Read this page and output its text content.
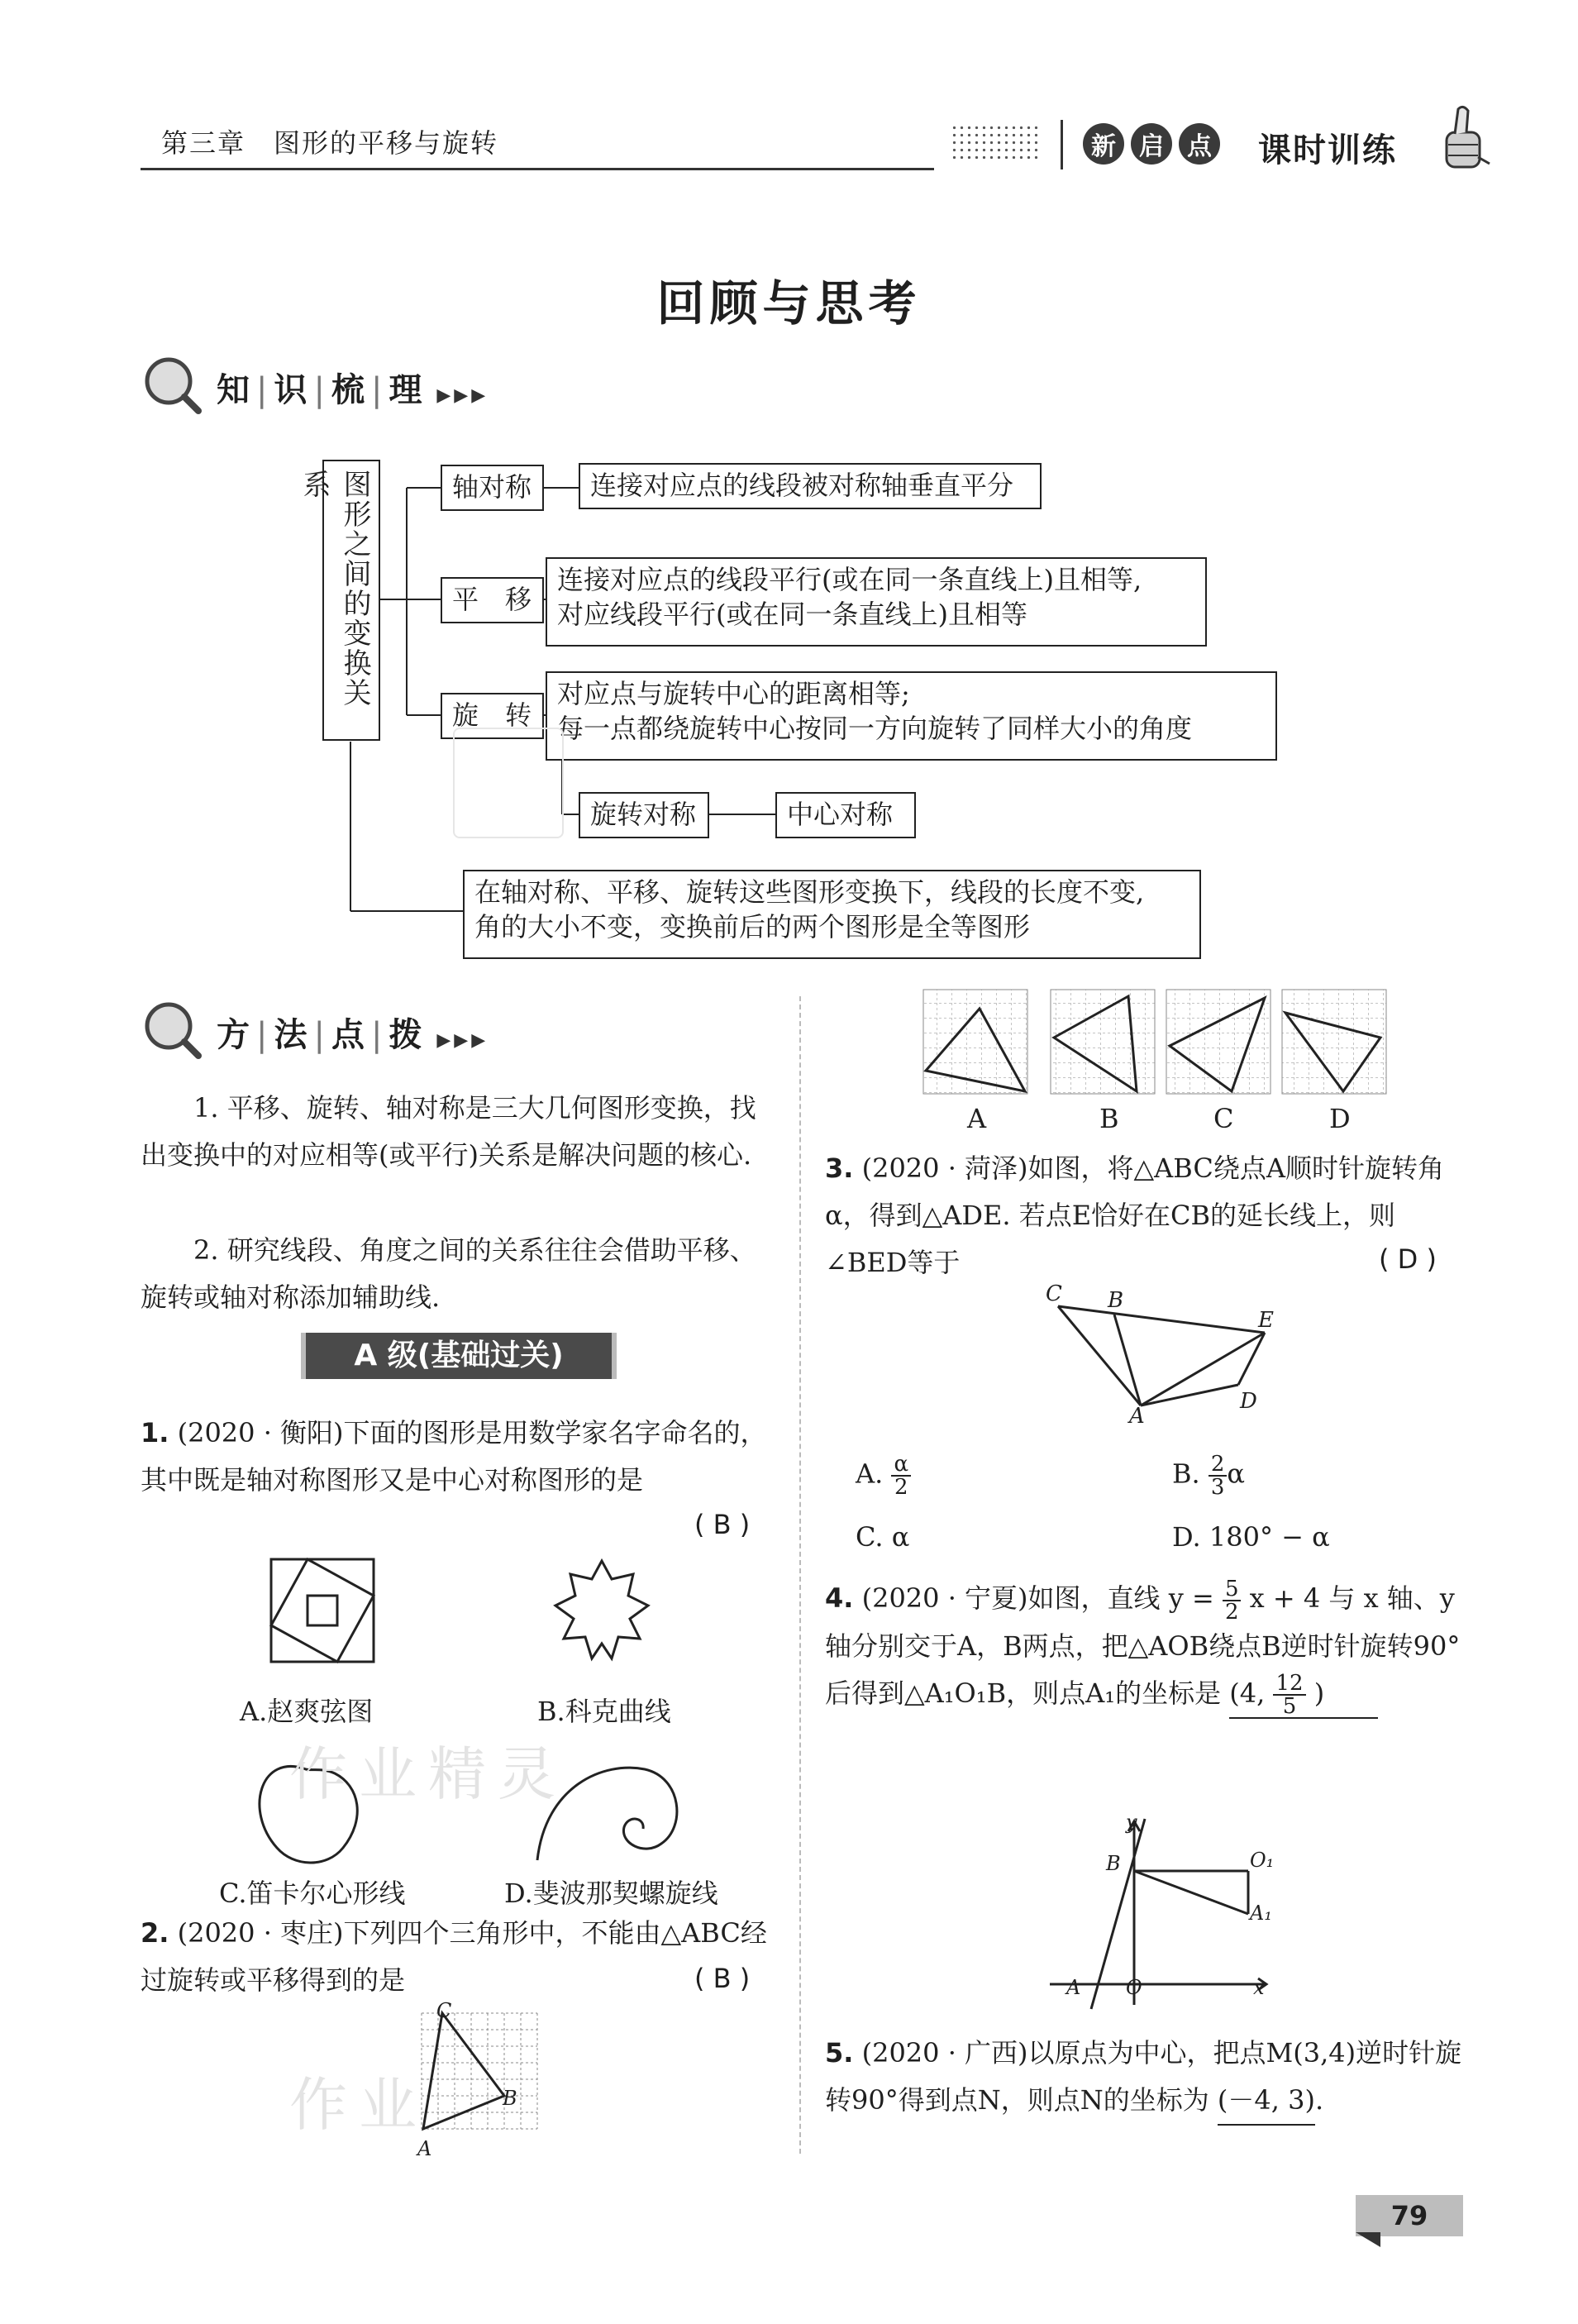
第三章　图形的平移与旋转	新 启 点 课时训练
回顾与思考
知 | 识 | 梳 | 理 ▶▶▶
图形之间的变换关系	轴对称	连接对应点的线段被对称轴垂直平分
平　移
连接对应点的线段平行(或在同一条直线上)且相等,
对应线段平行(或在同一条直线上)且相等
旋　转
对应点与旋转中心的距离相等;
每一点都绕旋转中心按同一方向旋转了同样大小的角度
旋转对称	中心对称
在轴对称、平移、旋转这些图形变换下，线段的长度不变,
角的大小不变，变换前后的两个图形是全等图形
方 | 法 | 点 | 拨 ▶▶▶
1. 平移、旋转、轴对称是三大几何图形变换，找出变换中的对应相等(或平行)关系是解决问题的核心.
2. 研究线段、角度之间的关系往往会借助平移、旋转或轴对称添加辅助线.
A 级(基础过关)
1. (2020 · 衡阳)下面的图形是用数学家名字命名的，其中既是轴对称图形又是中心对称图形的是
( B )
A.赵爽弦图	B.科克曲线
C.笛卡尔心形线	D.斐波那契螺旋线
2. (2020 · 枣庄)下列四个三角形中，不能由△ABC经过旋转或平移得到的是	( B )
C
B
A
A	B	C	D
3. (2020 · 菏泽)如图，将△ABC绕点A顺时针旋转角α，得到△ADE. 若点E恰好在CB的延长线上，则∠BED等于	( D )
C B
E
A
D
A. $\frac{\alpha}{2}$	B. $\frac{2}{3}$ α
C. α	D. 180° − α
4. (2020 · 宁夏)如图，直线 $y = \frac{5}{2}$ x + 4 与 x 轴、y 轴分别交于A，B两点，把△AOB绕点B逆时针旋转90°后得到△A₁O₁B，则点A₁的坐标是 (4, $\frac{12}{5}$ )
y
B	O₁
A₁
A O	x
5. (2020 · 广西)以原点为中心，把点M(3,4)逆时针旋转90°得到点N，则点N的坐标为 (－4, 3).
作业精灵
作业
79
